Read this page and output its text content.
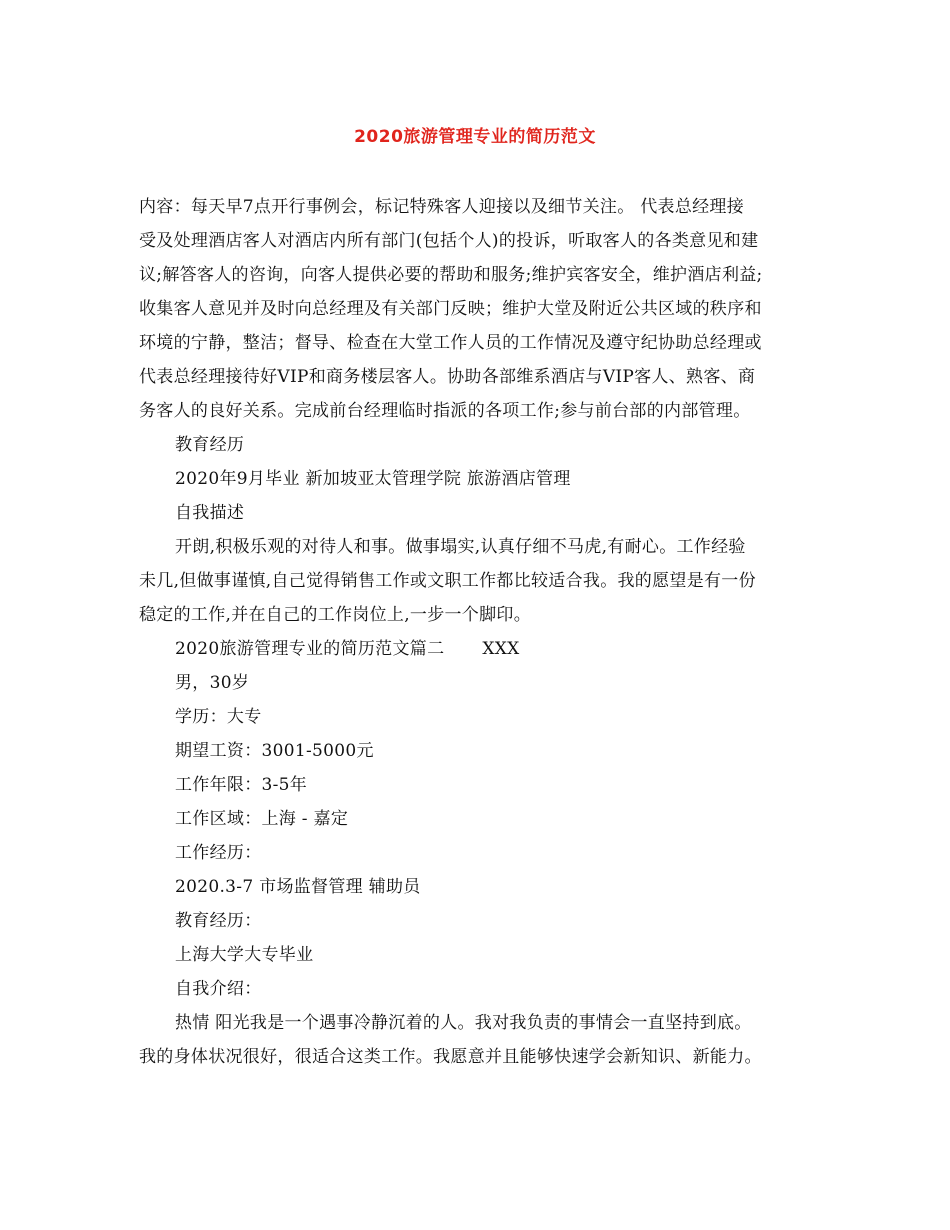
2020旅游管理专业的简历范文
内容：每天早7点开行事例会，标记特殊客人迎接以及细节关注。 代表总经理接
受及处理酒店客人对酒店内所有部门(包括个人)的投诉，听取客人的各类意见和建
议;解答客人的咨询，向客人提供必要的帮助和服务;维护宾客安全，维护酒店利益;
收集客人意见并及时向总经理及有关部门反映；维护大堂及附近公共区域的秩序和
环境的宁静，整洁；督导、检查在大堂工作人员的工作情况及遵守纪协助总经理或
代表总经理接待好VIP和商务楼层客人。协助各部维系酒店与VIP客人、熟客、商
务客人的良好关系。完成前台经理临时指派的各项工作;参与前台部的内部管理。
教育经历
2020年9月毕业 新加坡亚太管理学院 旅游酒店管理
自我描述
开朗,积极乐观的对待人和事。做事塌实,认真仔细不马虎,有耐心。工作经验
未几,但做事谨慎,自己觉得销售工作或文职工作都比较适合我。我的愿望是有一份
稳定的工作,并在自己的工作岗位上,一步一个脚印。
2020旅游管理专业的简历范文篇二 XXX
男，30岁
学历：大专
期望工资：3001-5000元
工作年限：3-5年
工作区域：上海 - 嘉定
工作经历：
2020.3-7 市场监督管理 辅助员
教育经历：
上海大学大专毕业
自我介绍：
热情 阳光我是一个遇事冷静沉着的人。我对我负责的事情会一直坚持到底。
我的身体状况很好，很适合这类工作。我愿意并且能够快速学会新知识、新能力。
